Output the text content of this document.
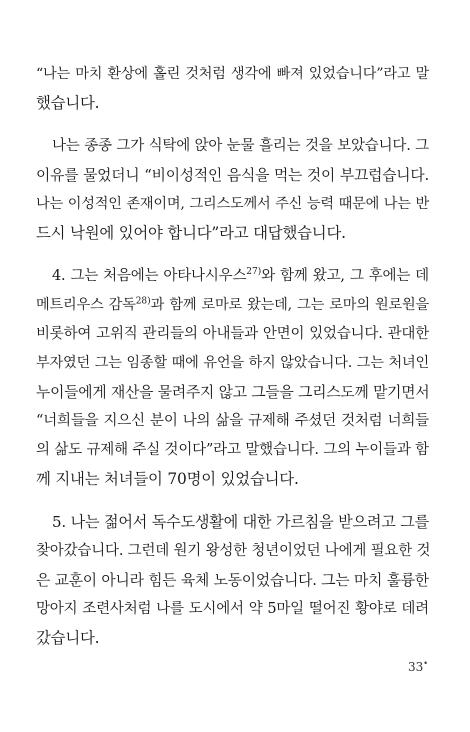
“나는 마치 환상에 홀린 것처럼 생각에 빠져 있었습니다”라고 말
했습니다.
나는 종종 그가 식탁에 앉아 눈물 흘리는 것을 보았습니다. 그
이유를 물었더니 “비이성적인 음식을 먹는 것이 부끄럽습니다.
나는 이성적인 존재이며, 그리스도께서 주신 능력 때문에 나는 반
드시 낙원에 있어야 합니다”라고 대답했습니다.
4. 그는 처음에는 아타나시우스$^{27)}$와 함께 왔고, 그 후에는 데
메트리우스 감독$^{28)}$과 함께 로마로 왔는데, 그는 로마의 원로원을
비롯하여 고위직 관리들의 아내들과 안면이 있었습니다. 관대한
부자였던 그는 임종할 때에 유언을 하지 않았습니다. 그는 처녀인
누이들에게 재산을 물려주지 않고 그들을 그리스도께 맡기면서
“너희들을 지으신 분이 나의 삶을 규제해 주셨던 것처럼 너희들
의 삶도 규제해 주실 것이다”라고 말했습니다. 그의 누이들과 함
께 지내는 처녀들이 70명이 있었습니다.
5. 나는 젊어서 독수도생활에 대한 가르침을 받으려고 그를
찾아갔습니다. 그런데 원기 왕성한 청년이었던 나에게 필요한 것
은 교훈이 아니라 힘든 육체 노동이었습니다. 그는 마치 훌륭한
망아지 조련사처럼 나를 도시에서 약 5마일 떨어진 황야로 데려
갔습니다.
33•
